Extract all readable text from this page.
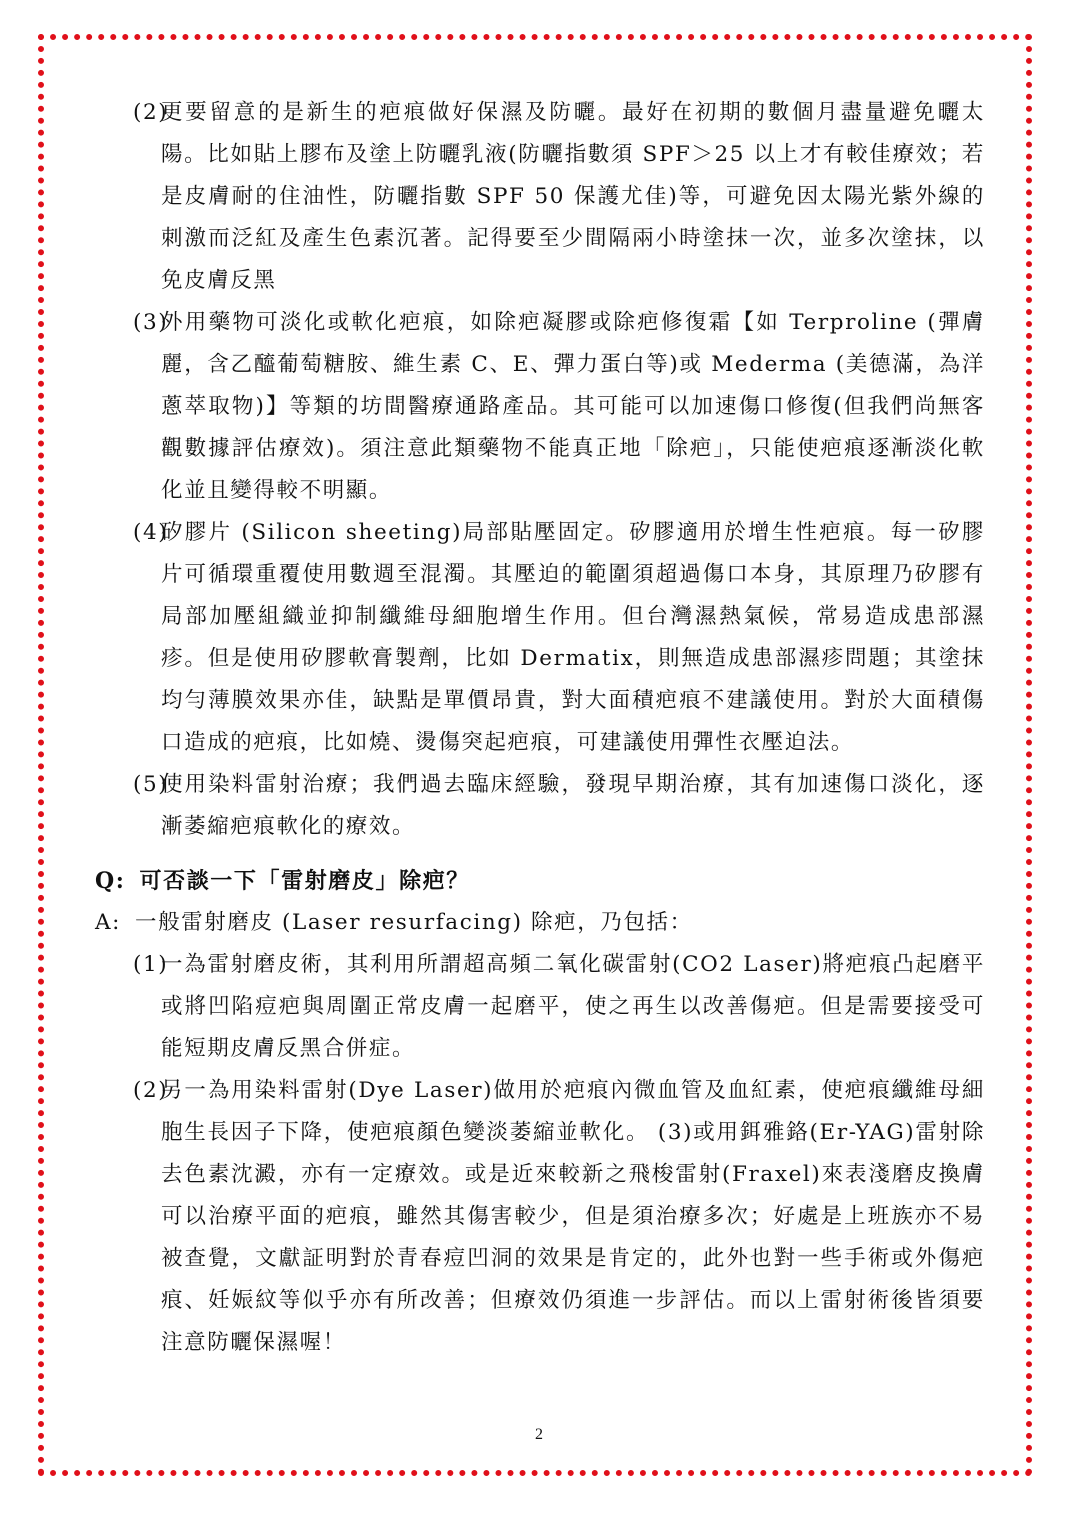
(2)
更要留意的是新生的疤痕做好保濕及防曬。最好在初期的數個月盡量避免曬太陽。比如貼上膠布及塗上防曬乳液(防曬指數須 SPF＞25 以上才有較佳療效；若是皮膚耐的住油性，防曬指數 SPF 50 保護尤佳)等，可避免因太陽光紫外線的刺激而泛紅及產生色素沉著。記得要至少間隔兩小時塗抹一次，並多次塗抹，以免皮膚反黑
(3)
外用藥物可淡化或軟化疤痕，如除疤凝膠或除疤修復霜【如 Terproline (彈膚麗，含乙醯葡萄糖胺、維生素 C、E、彈力蛋白等)或 Mederma (美德滿，為洋蔥萃取物)】等類的坊間醫療通路產品。其可能可以加速傷口修復(但我們尚無客觀數據評估療效)。須注意此類藥物不能真正地「除疤」，只能使疤痕逐漸淡化軟化並且變得較不明顯。
(4)
矽膠片 (Silicon sheeting)局部貼壓固定。矽膠適用於增生性疤痕。每一矽膠片可循環重覆使用數週至混濁。其壓迫的範圍須超過傷口本身，其原理乃矽膠有局部加壓組織並抑制纖維母細胞增生作用。但台灣濕熱氣候，常易造成患部濕疹。但是使用矽膠軟膏製劑，比如 Dermatix，則無造成患部濕疹問題；其塗抹均勻薄膜效果亦佳，缺點是單價昂貴，對大面積疤痕不建議使用。對於大面積傷口造成的疤痕，比如燒、燙傷突起疤痕，可建議使用彈性衣壓迫法。
(5)
使用染料雷射治療；我們過去臨床經驗，發現早期治療，其有加速傷口淡化，逐漸萎縮疤痕軟化的療效。
Q: 可否談一下「雷射磨皮」除疤？
A: 一般雷射磨皮 (Laser resurfacing) 除疤，乃包括：
(1)
一為雷射磨皮術，其利用所謂超高頻二氧化碳雷射(CO2 Laser)將疤痕凸起磨平或將凹陷痘疤與周圍正常皮膚一起磨平，使之再生以改善傷疤。但是需要接受可能短期皮膚反黑合併症。
(2)
另一為用染料雷射(Dye Laser)做用於疤痕內微血管及血紅素，使疤痕纖維母細胞生長因子下降，使疤痕顏色變淡萎縮並軟化。 (3)或用鉺雅鉻(Er-YAG)雷射除去色素沈澱，亦有一定療效。或是近來較新之飛梭雷射(Fraxel)來表淺磨皮換膚可以治療平面的疤痕，雖然其傷害較少，但是須治療多次；好處是上班族亦不易被查覺，文獻証明對於青春痘凹洞的效果是肯定的，此外也對一些手術或外傷疤痕、妊娠紋等似乎亦有所改善；但療效仍須進一步評估。而以上雷射術後皆須要注意防曬保濕喔！
2
